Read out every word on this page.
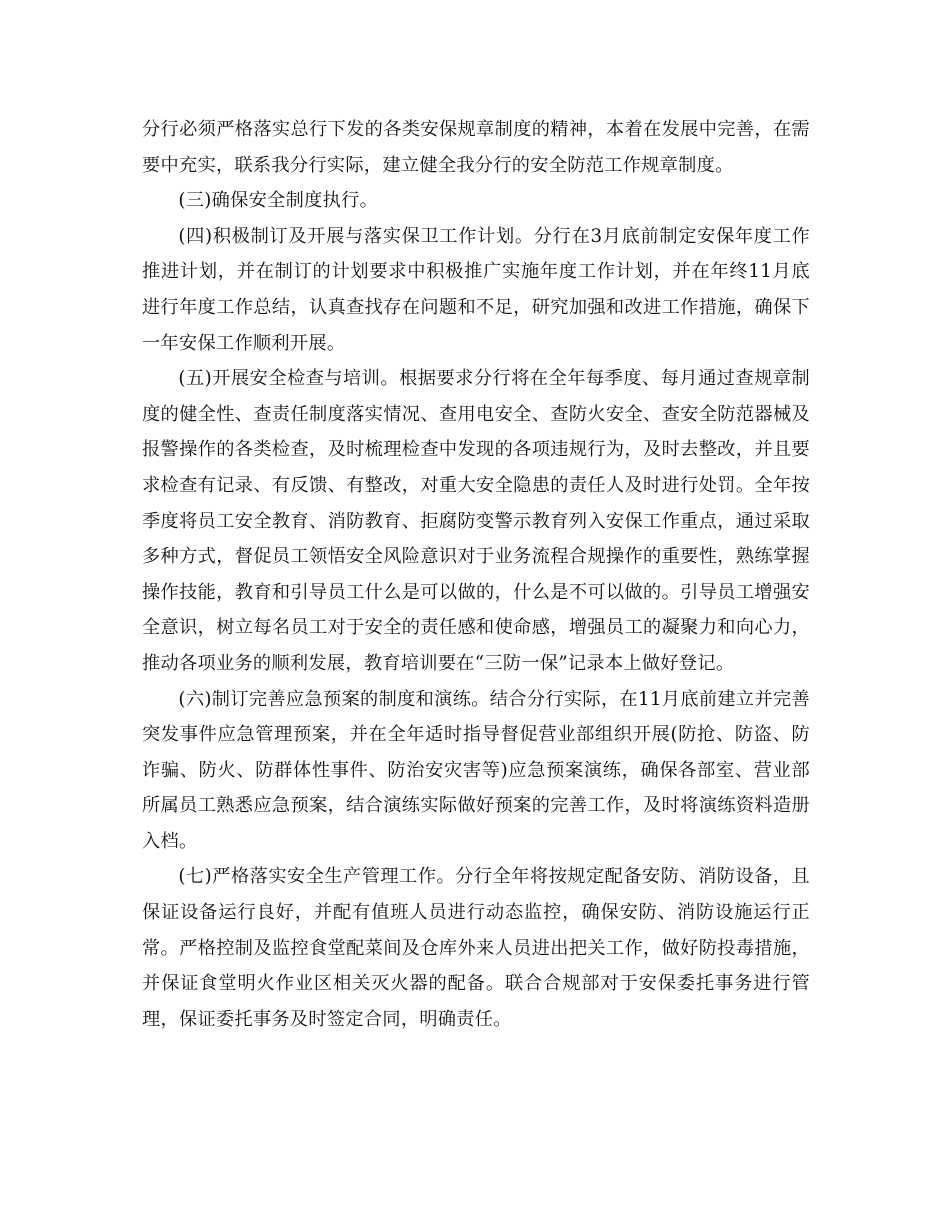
分行必须严格落实总行下发的各类安保规章制度的精神，本着在发展中完善，在需要中充实，联系我分行实际，建立健全我分行的安全防范工作规章制度。

(三)确保安全制度执行。

(四)积极制订及开展与落实保卫工作计划。分行在3月底前制定安保年度工作推进计划，并在制订的计划要求中积极推广实施年度工作计划，并在年终11月底进行年度工作总结，认真查找存在问题和不足，研究加强和改进工作措施，确保下一年安保工作顺利开展。

(五)开展安全检查与培训。根据要求分行将在全年每季度、每月通过查规章制度的健全性、查责任制度落实情况、查用电安全、查防火安全、查安全防范器械及报警操作的各类检查，及时梳理检查中发现的各项违规行为，及时去整改，并且要求检查有记录、有反馈、有整改，对重大安全隐患的责任人及时进行处罚。全年按季度将员工安全教育、消防教育、拒腐防变警示教育列入安保工作重点，通过采取多种方式，督促员工领悟安全风险意识对于业务流程合规操作的重要性，熟练掌握操作技能，教育和引导员工什么是可以做的，什么是不可以做的。引导员工增强安全意识，树立每名员工对于安全的责任感和使命感，增强员工的凝聚力和向心力，推动各项业务的顺利发展，教育培训要在“三防一保”记录本上做好登记。

(六)制订完善应急预案的制度和演练。结合分行实际，在11月底前建立并完善突发事件应急管理预案，并在全年适时指导督促营业部组织开展(防抢、防盗、防诈骗、防火、防群体性事件、防治安灾害等)应急预案演练，确保各部室、营业部所属员工熟悉应急预案，结合演练实际做好预案的完善工作，及时将演练资料造册入档。

(七)严格落实安全生产管理工作。分行全年将按规定配备安防、消防设备，且保证设备运行良好，并配有值班人员进行动态监控，确保安防、消防设施运行正常。严格控制及监控食堂配菜间及仓库外来人员进出把关工作，做好防投毒措施，并保证食堂明火作业区相关灭火器的配备。联合合规部对于安保委托事务进行管理，保证委托事务及时签定合同，明确责任。
